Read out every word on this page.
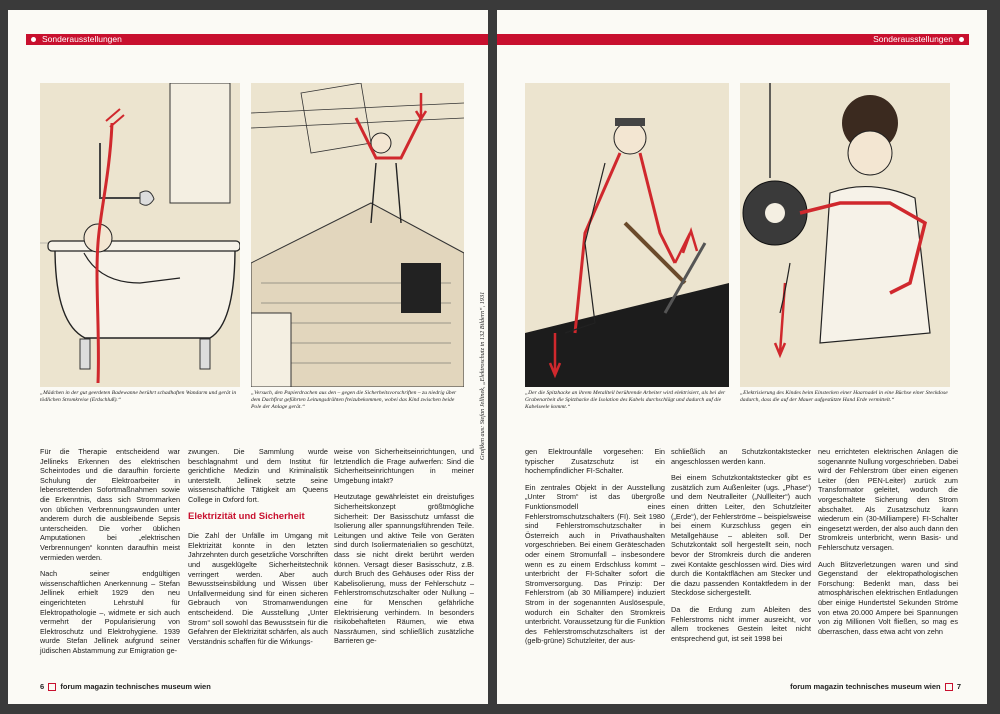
Sonderausstellungen
„Mädchen in der gut geerdeten Badewanne berührt schadhaften Wandarm und gerät in tödlichen Stromkreise (Erdschluß).“
„Versuch, den Papierdrachen aus den – gegen die Sicherheitsvorschriften – zu niedrig über dem Dachfirst geführten Leitungsdrähten freizubekommen, wobei das Kind zwischen beide Pole der Anlage gerät.“

Für die Therapie entscheidend war Jellineks Erkennen des elektrischen Scheintodes und die daraufhin forcierte Schulung der Elektroarbeiter in lebensrettenden Sofortmaßnahmen sowie die Erkenntnis, dass sich Strommarken von üblichen Verbrennungswunden unter anderem durch die ausbleibende Sepsis unterscheiden. Die vorher üblichen Amputationen bei „elektrischen Verbrennungen“ konnten daraufhin meist vermieden werden.

Nach seiner endgültigen wissenschaftlichen Anerkennung – Stefan Jellinek erhielt 1929 den neu eingerichteten Lehrstuhl für Elektropathologie –, widmete er sich auch vermehrt der Popularisierung von Elektroschutz und Elektrohygiene. 1939 wurde Stefan Jellinek aufgrund seiner jüdischen Abstammung zur Emigration ge-

zwungen. Die Sammlung wurde beschlagnahmt und dem Institut für gerichtliche Medizin und Kriminalistik unterstellt. Jellinek setzte seine wissenschaftliche Tätigkeit am Queens College in Oxford fort.

Elektrizität und Sicherheit

Die Zahl der Unfälle im Umgang mit Elektrizität konnte in den letzten Jahrzehnten durch gesetzliche Vorschriften und ausgeklügelte Sicherheitstechnik verringert werden. Aber auch Bewusstseinsbildung und Wissen über Unfallvermeidung sind für einen sicheren Gebrauch von Stromanwendungen entscheidend. Die Ausstellung „Unter Strom“ soll sowohl das Bewusstsein für die Gefahren der Elektrizität schärfen, als auch Verständnis schaffen für die Wirkungs-

weise von Sicherheitseinrichtungen, und letztendlich die Frage aufwerfen: Sind die Sicherheitseinrichtungen in meiner Umgebung intakt?

Heutzutage gewährleistet ein dreistufiges Sicherheitskonzept größtmögliche Sicherheit: Der Basisschutz umfasst die Isolierung aller spannungsführenden Teile. Leitungen und aktive Teile von Geräten sind durch Isoliermaterialien so geschützt, dass sie nicht direkt berührt werden können. Versagt dieser Basisschutz, z.B. durch Bruch des Gehäuses oder Riss der Kabelisolierung, muss der Fehlerschutz – Fehlerstromschutzschalter oder Nullung – eine für Menschen gefährliche Elektrisierung verhindern. In besonders risikobehafteten Räumen, wie etwa Nassräumen, sind schließlich zusätzliche Barrieren ge-

Grafiken aus: Stefan Jellinek, „Elektroschutz in 132 Bildern“, 1931
6 forum magazin technisches museum wien
Sonderausstellungen
„Der die Spitzhacke an ihrem Metallteil berührende Arbeiter wird elektrisiert, als bei der Grabenarbeit die Spitzhacke die Isolation des Kabels durchschlägt und dadurch auf die Kabelseele kommt.“
„Elektrisierung des Kindes beim Einstecken einer Haarnadel in eine Büchse einer Steckdose dadurch, dass die auf der Mauer aufgestützte Hand Erde vermittelt.“

gen Elektrounfälle vorgesehen: Ein typischer Zusatzschutz ist ein hochempfindlicher FI-Schalter.

Ein zentrales Objekt in der Ausstellung „Unter Strom“ ist das übergroße Funktionsmodell eines Fehlerstromschutzschalters (FI). Seit 1980 sind Fehlerstromschutzschalter in Österreich auch in Privathaushalten vorgeschrieben. Bei einem Geräteschaden oder einem Stromunfall – insbesondere wenn es zu einem Erdschluss kommt – unterbricht der FI-Schalter sofort die Stromversorgung. Das Prinzip: Der Fehlerstrom (ab 30 Milliampere) induziert Strom in der sogenannten Auslösespule, wodurch ein Schalter den Stromkreis unterbricht. Voraussetzung für die Funktion des Fehlerstromschutzschalters ist der (gelb-grüne) Schutzleiter, der aus-

schließlich an Schutzkontaktstecker angeschlossen werden kann.

Bei einem Schutzkontaktstecker gibt es zusätzlich zum Außenleiter (ugs. „Phase“) und dem Neutralleiter („Nullleiter“) auch einen dritten Leiter, den Schutzleiter („Erde“), der Fehlerströme – beispielsweise bei einem Kurzschluss gegen ein Metallgehäuse – ableiten soll. Der Schutzkontakt soll hergestellt sein, noch bevor der Stromkreis durch die anderen zwei Kontakte geschlossen wird. Dies wird durch die Kontaktflächen am Stecker und die dazu passenden Kontaktfedern in der Steckdose sichergestellt.

Da die Erdung zum Ableiten des Fehlerstroms nicht immer ausreicht, vor allem trockenes Gestein leitet nicht entsprechend gut, ist seit 1998 bei

neu errichteten elektrischen Anlagen die sogenannte Nullung vorgeschrieben. Dabei wird der Fehlerstrom über einen eigenen Leiter (den PEN-Leiter) zurück zum Transformator geleitet, wodurch die vorgeschaltete Sicherung den Strom abschaltet. Als Zusatzschutz kann wiederum ein (30-Milliampere) FI-Schalter eingesetzt werden, der also auch dann den Stromkreis unterbricht, wenn Basis- und Fehlerschutz versagen.

Auch Blitzverletzungen waren und sind Gegenstand der elektropathologischen Forschung: Bedenkt man, dass bei atmosphärischen elektrischen Entladungen über einige Hundertstel Sekunden Ströme von etwa 20.000 Ampere bei Spannungen von zig Millionen Volt fließen, so mag es überraschen, dass etwa acht von zehn

forum magazin technisches museum wien 7
